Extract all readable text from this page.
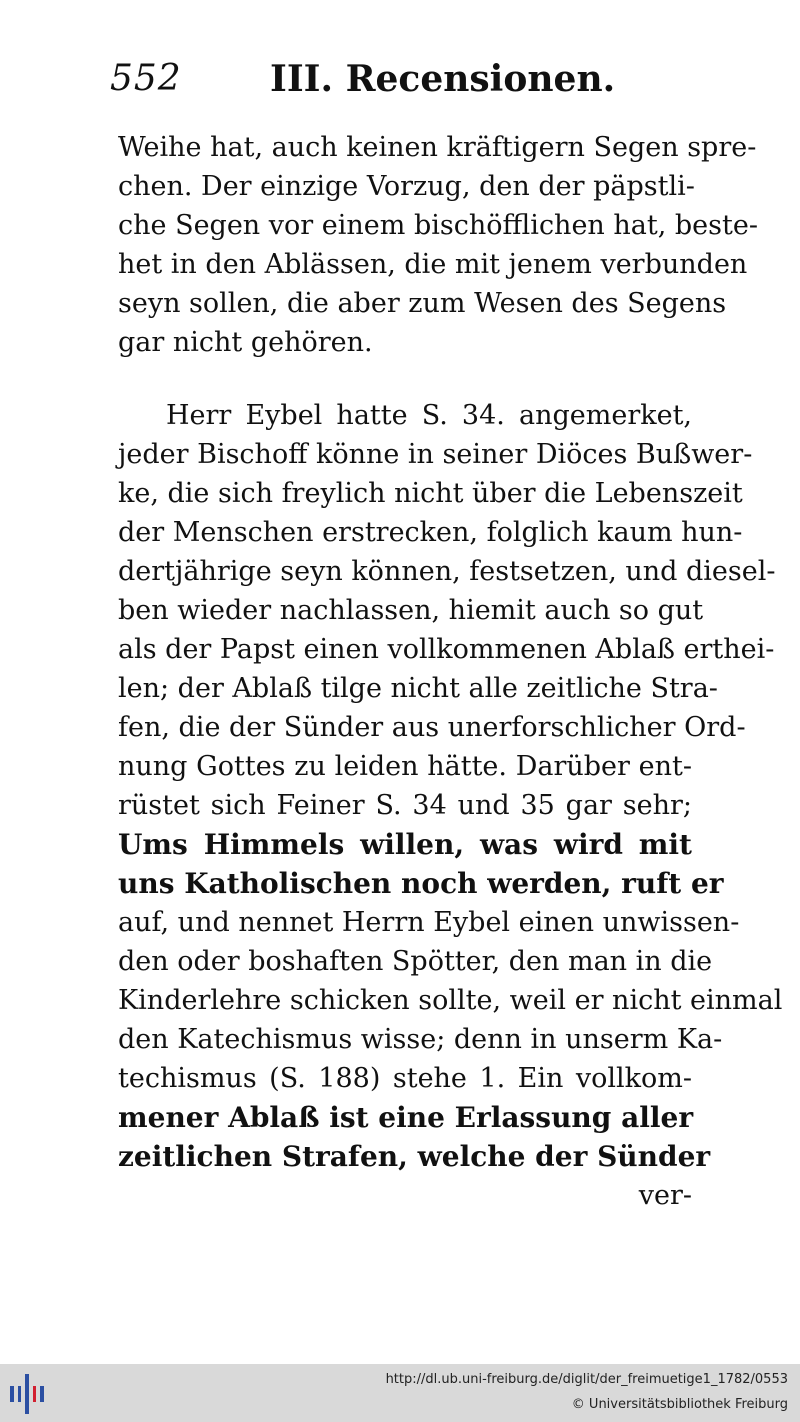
552 III. Recensionen.
Weihe hat, auch keinen kräftigern Segen spre-
chen. Der einzige Vorzug, den der päpstli-
che Segen vor einem bischöfflichen hat, beste-
het in den Ablässen, die mit jenem verbunden
seyn sollen, die aber zum Wesen des Segens
gar nicht gehören.
Herr Eybel hatte S. 34. angemerket,
jeder Bischoff könne in seiner Diöces Bußwer-
ke, die sich freylich nicht über die Lebenszeit
der Menschen erstrecken, folglich kaum hun-
dertjährige seyn können, festsetzen, und diesel-
ben wieder nachlassen, hiemit auch so gut
als der Papst einen vollkommenen Ablaß erthei-
len; der Ablaß tilge nicht alle zeitliche Stra-
fen, die der Sünder aus unerforschlicher Ord-
nung Gottes zu leiden hätte. Darüber ent-
rüstet sich Feiner S. 34 und 35 gar sehr;
Ums Himmels willen, was wird mit
uns Katholischen noch werden, ruft er
auf, und nennet Herrn Eybel einen unwissen-
den oder boshaften Spötter, den man in die
Kinderlehre schicken sollte, weil er nicht einmal
den Katechismus wisse; denn in unserm Ka-
techismus (S. 188) stehe 1. Ein vollkom-
mener Ablaß ist eine Erlassung aller
zeitlichen Strafen, welche der Sünder
ver-
http://dl.ub.uni-freiburg.de/diglit/der_freimuetige1_1782/0553
© Universitätsbibliothek Freiburg
